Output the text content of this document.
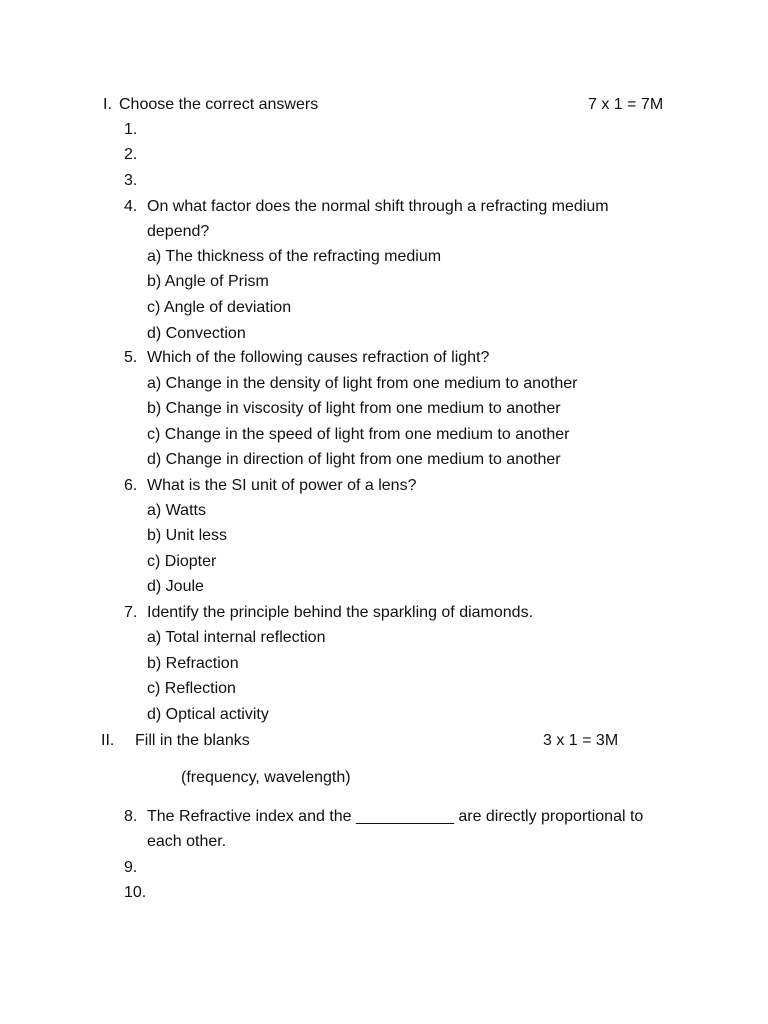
I. Choose the correct answers	7 x 1 = 7M
1.
2.
3.
4. On what factor does the normal shift through a refracting medium
depend?
a) The thickness of the refracting medium
b) Angle of Prism
c) Angle of deviation
d) Convection
5. Which of the following causes refraction of light?
a) Change in the density of light from one medium to another
b) Change in viscosity of light from one medium to another
c) Change in the speed of light from one medium to another
d) Change in direction of light from one medium to another
6. What is the SI unit of power of a lens?
a) Watts
b) Unit less
c) Diopter
d) Joule
7. Identify the principle behind the sparkling of diamonds.
a) Total internal reflection
b) Refraction
c) Reflection
d) Optical activity
II. Fill in the blanks	3 x 1 = 3M
(frequency, wavelength)
8. The Refractive index and the ___________ are directly proportional to
each other.
9.
10.
